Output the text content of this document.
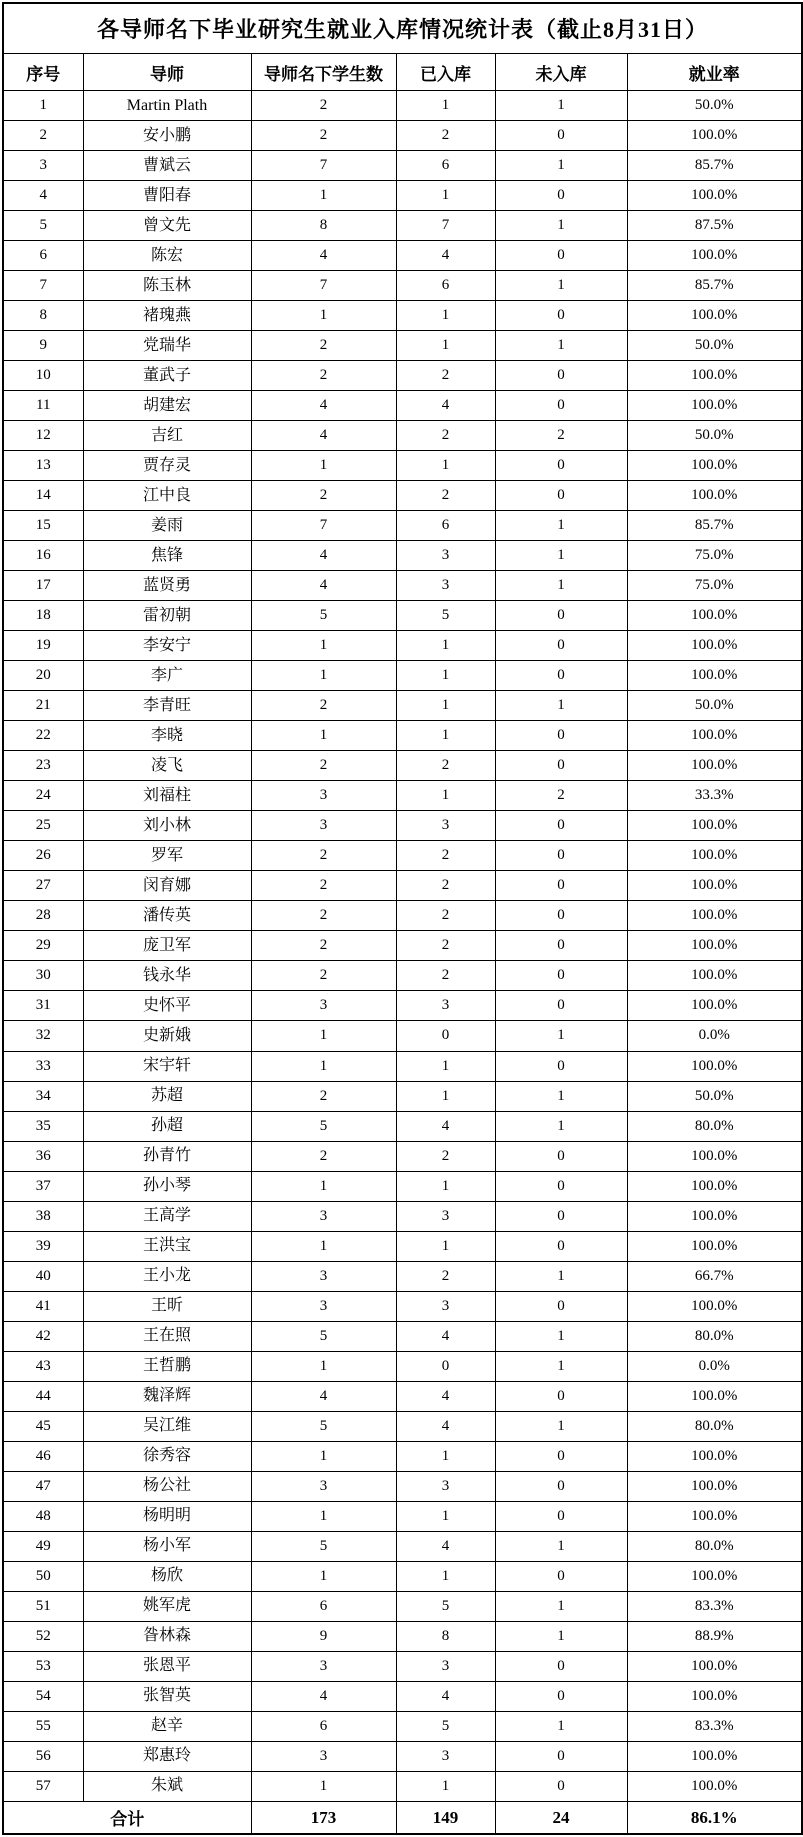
各导师名下毕业研究生就业入库情况统计表（截止8月31日）					
序号	导师	导师名下学生数	已入库	未入库	就业率
1	Martin Plath	2	1	1	50.0%
2	安小鹏	2	2	0	100.0%
3	曹斌云	7	6	1	85.7%
4	曹阳春	1	1	0	100.0%
5	曾文先	8	7	1	87.5%
6	陈宏	4	4	0	100.0%
7	陈玉林	7	6	1	85.7%
8	褚瑰燕	1	1	0	100.0%
9	党瑞华	2	1	1	50.0%
10	董武子	2	2	0	100.0%
11	胡建宏	4	4	0	100.0%
12	吉红	4	2	2	50.0%
13	贾存灵	1	1	0	100.0%
14	江中良	2	2	0	100.0%
15	姜雨	7	6	1	85.7%
16	焦锋	4	3	1	75.0%
17	蓝贤勇	4	3	1	75.0%
18	雷初朝	5	5	0	100.0%
19	李安宁	1	1	0	100.0%
20	李广	1	1	0	100.0%
21	李青旺	2	1	1	50.0%
22	李晓	1	1	0	100.0%
23	凌飞	2	2	0	100.0%
24	刘福柱	3	1	2	33.3%
25	刘小林	3	3	0	100.0%
26	罗军	2	2	0	100.0%
27	闵育娜	2	2	0	100.0%
28	潘传英	2	2	0	100.0%
29	庞卫军	2	2	0	100.0%
30	钱永华	2	2	0	100.0%
31	史怀平	3	3	0	100.0%
32	史新娥	1	0	1	0.0%
33	宋宇轩	1	1	0	100.0%
34	苏超	2	1	1	50.0%
35	孙超	5	4	1	80.0%
36	孙青竹	2	2	0	100.0%
37	孙小琴	1	1	0	100.0%
38	王高学	3	3	0	100.0%
39	王洪宝	1	1	0	100.0%
40	王小龙	3	2	1	66.7%
41	王昕	3	3	0	100.0%
42	王在照	5	4	1	80.0%
43	王哲鹏	1	0	1	0.0%
44	魏泽辉	4	4	0	100.0%
45	吴江维	5	4	1	80.0%
46	徐秀容	1	1	0	100.0%
47	杨公社	3	3	0	100.0%
48	杨明明	1	1	0	100.0%
49	杨小军	5	4	1	80.0%
50	杨欣	1	1	0	100.0%
51	姚军虎	6	5	1	83.3%
52	昝林森	9	8	1	88.9%
53	张恩平	3	3	0	100.0%
54	张智英	4	4	0	100.0%
55	赵辛	6	5	1	83.3%
56	郑惠玲	3	3	0	100.0%
57	朱斌	1	1	0	100.0%
合计		173	149	24	86.1%
